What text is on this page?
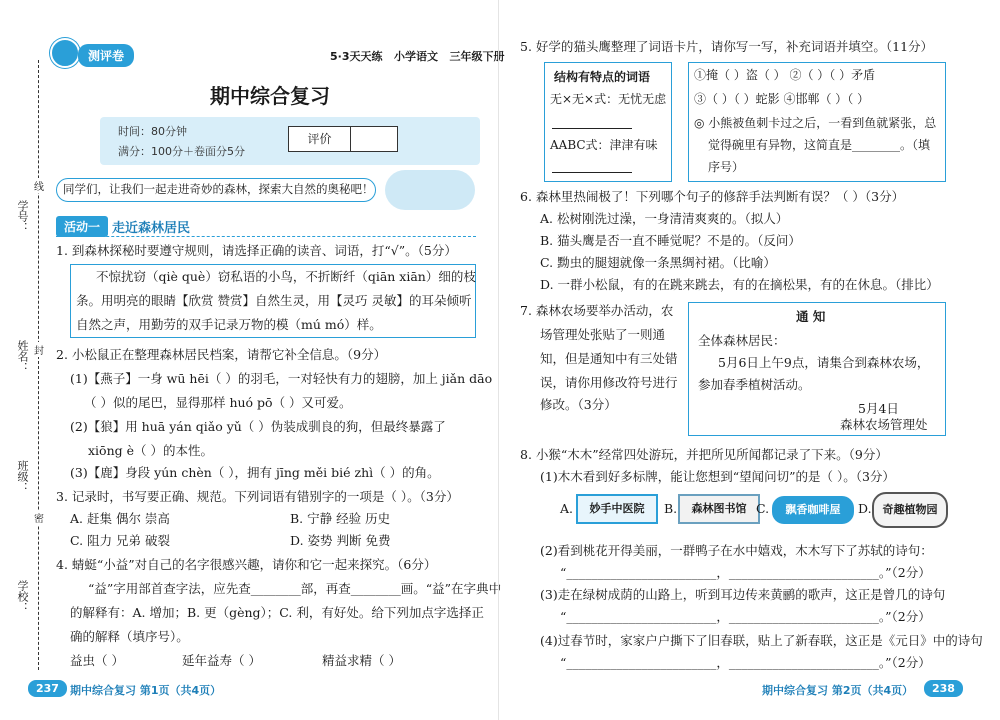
学号：
姓名：
班级：
学校：
线
封
密
测评卷	5·3天天练 小学语文 三年级下册
期中综合复习
时间：80分钟
满分：100分＋卷面分5分
评价
同学们，让我们一起走进奇妙的森林，探索大自然的奥秘吧！
活动一 走近森林居民
1. 到森林探秘时要遵守规则，请选择正确的读音、词语，打“√”。（5分）
不惊扰窃（qiè què）窃私语的小鸟，不折断纤（qiān xiān）细的枝
条。用明亮的眼睛【欣赏 赞赏】自然生灵，用【灵巧 灵敏】的耳朵倾听
自然之声，用勤劳的双手记录万物的模（mú mó）样。
2. 小松鼠正在整理森林居民档案，请帮它补全信息。（9分）
(1)【燕子】一身 wū hēi（ ）的羽毛，一对轻快有力的翅膀，加上 jiǎn dāo
（ ）似的尾巴，显得那样 huó pō（ ）又可爱。
(2)【狼】用 huā yán qiǎo yǔ（ ）伪装成驯良的狗，但最终暴露了
xiōng è（ ）的本性。
(3)【鹿】身段 yún chèn（ ），拥有 jīng měi bié zhì（ ）的角。
3. 记录时，书写要正确、规范。下列词语有错别字的一项是（ ）。（3分）
A. 赶集 偶尔 崇高	B. 宁静 经验 历史
C. 阻力 兄弟 破裂	D. 姿势 判断 免费
4. 蜻蜓“小益”对自己的名字很感兴趣，请你和它一起来探究。（6分）
“益”字用部首查字法，应先查________部，再查________画。“益”在字典中
的解释有：A. 增加；B. 更（gèng）；C. 利，有好处。给下列加点字选择正
确的解释（填序号）。
益虫（ ）	延年益寿（ ）	精益求精（ ）
237	期中综合复习 第1页（共4页）
5. 好学的猫头鹰整理了词语卡片，请你写一写，补充词语并填空。（11分）
结构有特点的词语
无×无×式：无忧无虑
AABC式：津津有味
①掩（ ）盗（ ） ②（ ）（ ）矛盾
③（ ）（ ）蛇影 ④邯郸（ ）（ ）
◎ 小熊被鱼刺卡过之后，一看到鱼就紧张，总
觉得碗里有异物，这简直是________。（填
序号）
6. 森林里热闹极了！下列哪个句子的修辞手法判断有误？（ ）（3分）
A. 松树刚洗过澡，一身清清爽爽的。（拟人）
B. 猫头鹰是否一直不睡觉呢？不是的。（反问）
C. 黝虫的腿翅就像一条黑绸衬裙。（比喻）
D. 一群小松鼠，有的在跳来跳去，有的在摘松果，有的在休息。（排比）
7. 森林农场要举办活动，农
场管理处张贴了一则通
知，但是通知中有三处错
误，请你用修改符号进行
修改。（3分）
通 知
全体森林居民：
5月6日上午9点，请集合到森林农场，
参加春季植树活动。
5月4日
森林农场管理处
8. 小猴“木木”经常四处游玩，并把所见所闻都记录了下来。（9分）
(1)木木看到好多标牌，能让您想到“望闻问切”的是（ ）。（3分）
A.	妙手中医院	B.	森林图书馆 C.	飘香咖啡屋	D. 奇趣植物园
(2)看到桃花开得美丽，一群鸭子在水中嬉戏，木木写下了苏轼的诗句：
“________________________，________________________。”（2分）
(3)走在绿树成荫的山路上，听到耳边传来黄鹂的歌声，这正是曾几的诗句
“________________________，________________________。”（2分）
(4)过春节时，家家户户撕下了旧春联，贴上了新春联，这正是《元日》中的诗句
“________________________，________________________。”（2分）
期中综合复习 第2页（共4页）	238
